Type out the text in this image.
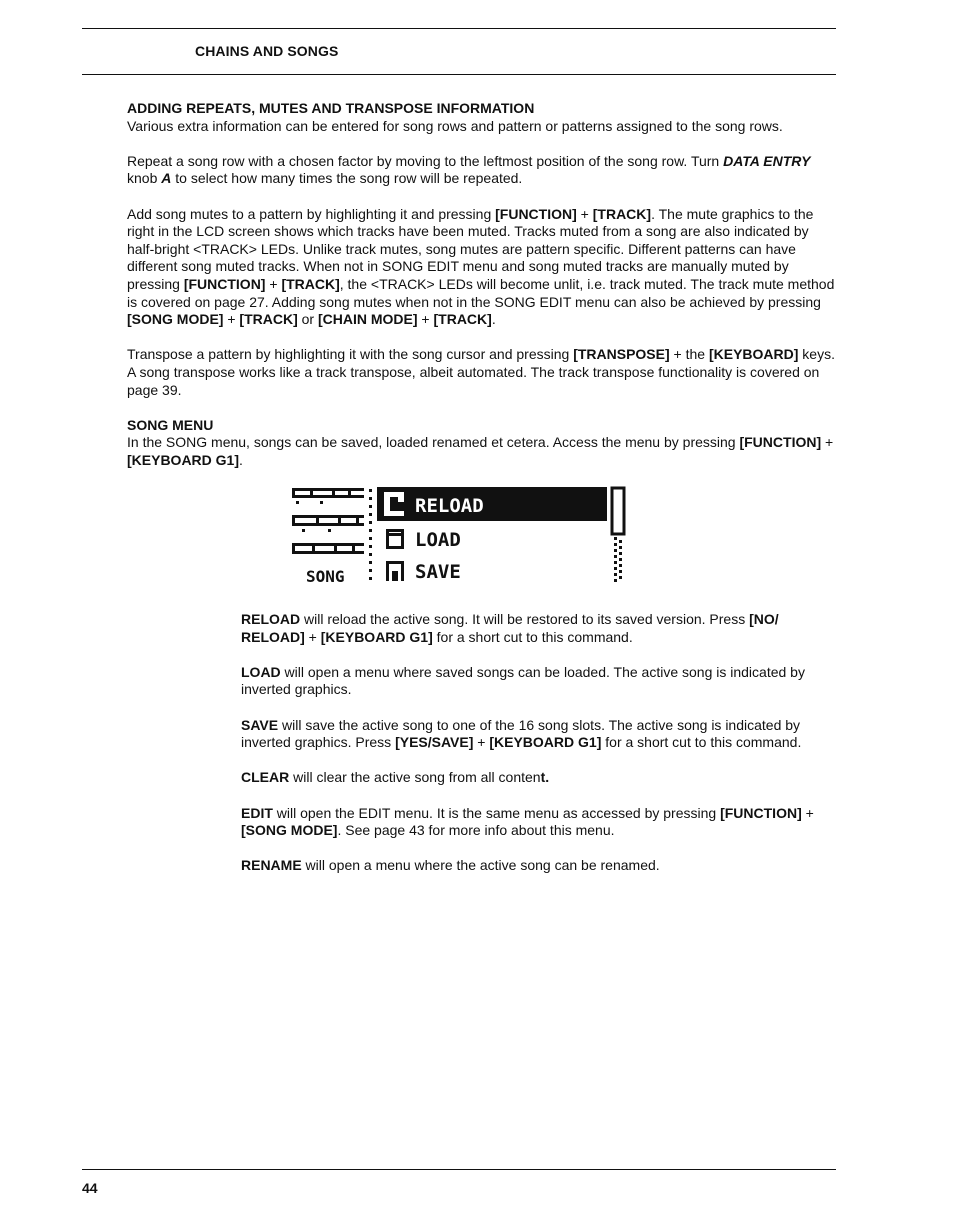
CHAINS AND SONGS
ADDING REPEATS, MUTES AND TRANSPOSE INFORMATION

Various extra information can be entered for song rows and pattern or patterns assigned to the song rows.

Repeat a song row with a chosen factor by moving to the leftmost position of the song row. Turn DATA ENTRY knob A to select how many times the song row will be repeated.

Add song mutes to a pattern by highlighting it and pressing [FUNCTION] + [TRACK]. The mute graphics to the right in the LCD screen shows which tracks have been muted. Tracks muted from a song are also indicated by half-bright <TRACK> LEDs. Unlike track mutes, song mutes are pattern specific. Different patterns can have different song muted tracks. When not in SONG EDIT menu and song muted tracks are manually muted by pressing [FUNCTION] + [TRACK], the <TRACK> LEDs will become unlit, i.e. track muted. The track mute method is covered on page 27. Adding song mutes when not in the SONG EDIT menu can also be achieved by pressing [SONG MODE] + [TRACK] or [CHAIN MODE] + [TRACK].

Transpose a pattern by highlighting it with the song cursor and pressing [TRANSPOSE] + the [KEYBOARD] keys. A song transpose works like a track transpose, albeit automated. The track transpose functionality is covered on page 39.

SONG MENU

In the SONG menu, songs can be saved, loaded renamed et cetera. Access the menu by pressing [FUNCTION] + [KEYBOARD G1].

SONG
RELOAD
LOAD
SAVE

RELOAD will reload the active song. It will be restored to its saved version. Press [NO/ RELOAD] + [KEYBOARD G1] for a short cut to this command.

LOAD will open a menu where saved songs can be loaded. The active song is indicated by inverted graphics.

SAVE will save the active song to one of the 16 song slots. The active song is indicated by inverted graphics. Press [YES/SAVE] + [KEYBOARD G1] for a short cut to this command.

CLEAR will clear the active song from all content.

EDIT will open the EDIT menu. It is the same menu as accessed by pressing [FUNCTION] + [SONG MODE]. See page 43 for more info about this menu.

RENAME will open a menu where the active song can be renamed.

44
